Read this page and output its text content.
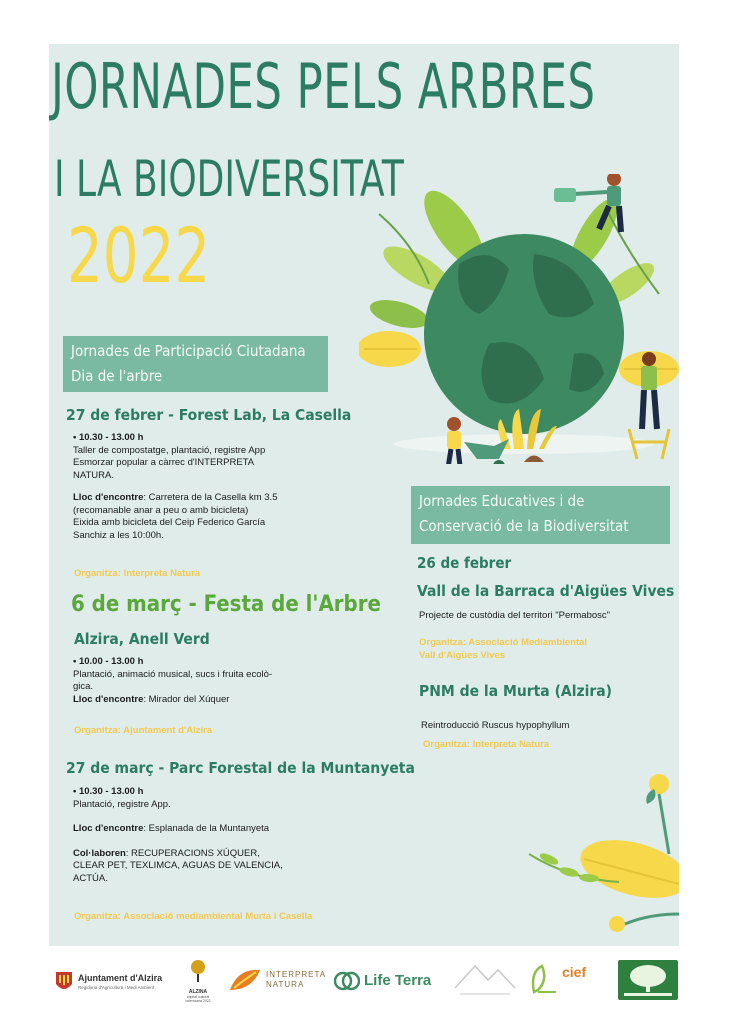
JORNADES PELS ARBRES
I LA BIODIVERSITAT
2022
Jornades de Participació Ciutadana
Dia de l'arbre
27 de febrer - Forest Lab, La Casella
• 10.30 - 13.00 h
Taller de compostatge, plantació, registre App
Esmorzar popular a càrrec d'INTERPRETA
NATURA.
Lloc d'encontre: Carretera de la Casella km 3.5
(recomanable anar a peu o amb bicicleta)
Eixida amb bicicleta del Ceip Federico García
Sanchiz a les 10:00h.
Organitza: Interpreta Natura
6 de març - Festa de l'Arbre
Alzira, Anell Verd
• 10.00 - 13.00 h
Plantació, animació musical, sucs i fruita ecolò-
gica.
Lloc d'encontre: Mirador del Xúquer
Organitza: Ajuntament d'Alzira
27 de març - Parc Forestal de la Muntanyeta
• 10.30 - 13.00 h
Plantació, registre App.
Lloc d'encontre: Esplanada de la Muntanyeta
Col·laboren: RECUPERACIONS XÚQUER,
CLEAR PET, TEXLIMCA, AGUAS DE VALENCIA,
ACTÚA.
Organitza: Associació mediambiental Murta i Casella
Jornades Educatives i de
Conservació de la Biodiversitat
26 de febrer
Vall de la Barraca d'Aigües Vives
Projecte de custòdia del territori "Permabosc"
Organitza: Associació Mediambiental
Vall d'Aigües Vives
PNM de la Murta (Alzira)
Reintroducció Ruscus hypophyllum
Organitza: Interpreta Natura
Ajuntament d'Alzira
Regidoria d'Agricultura i Medi Ambient
ALZINA
capital cultural valenciana 2022
INTERPRETA
NATURA	Life Terra	cief
